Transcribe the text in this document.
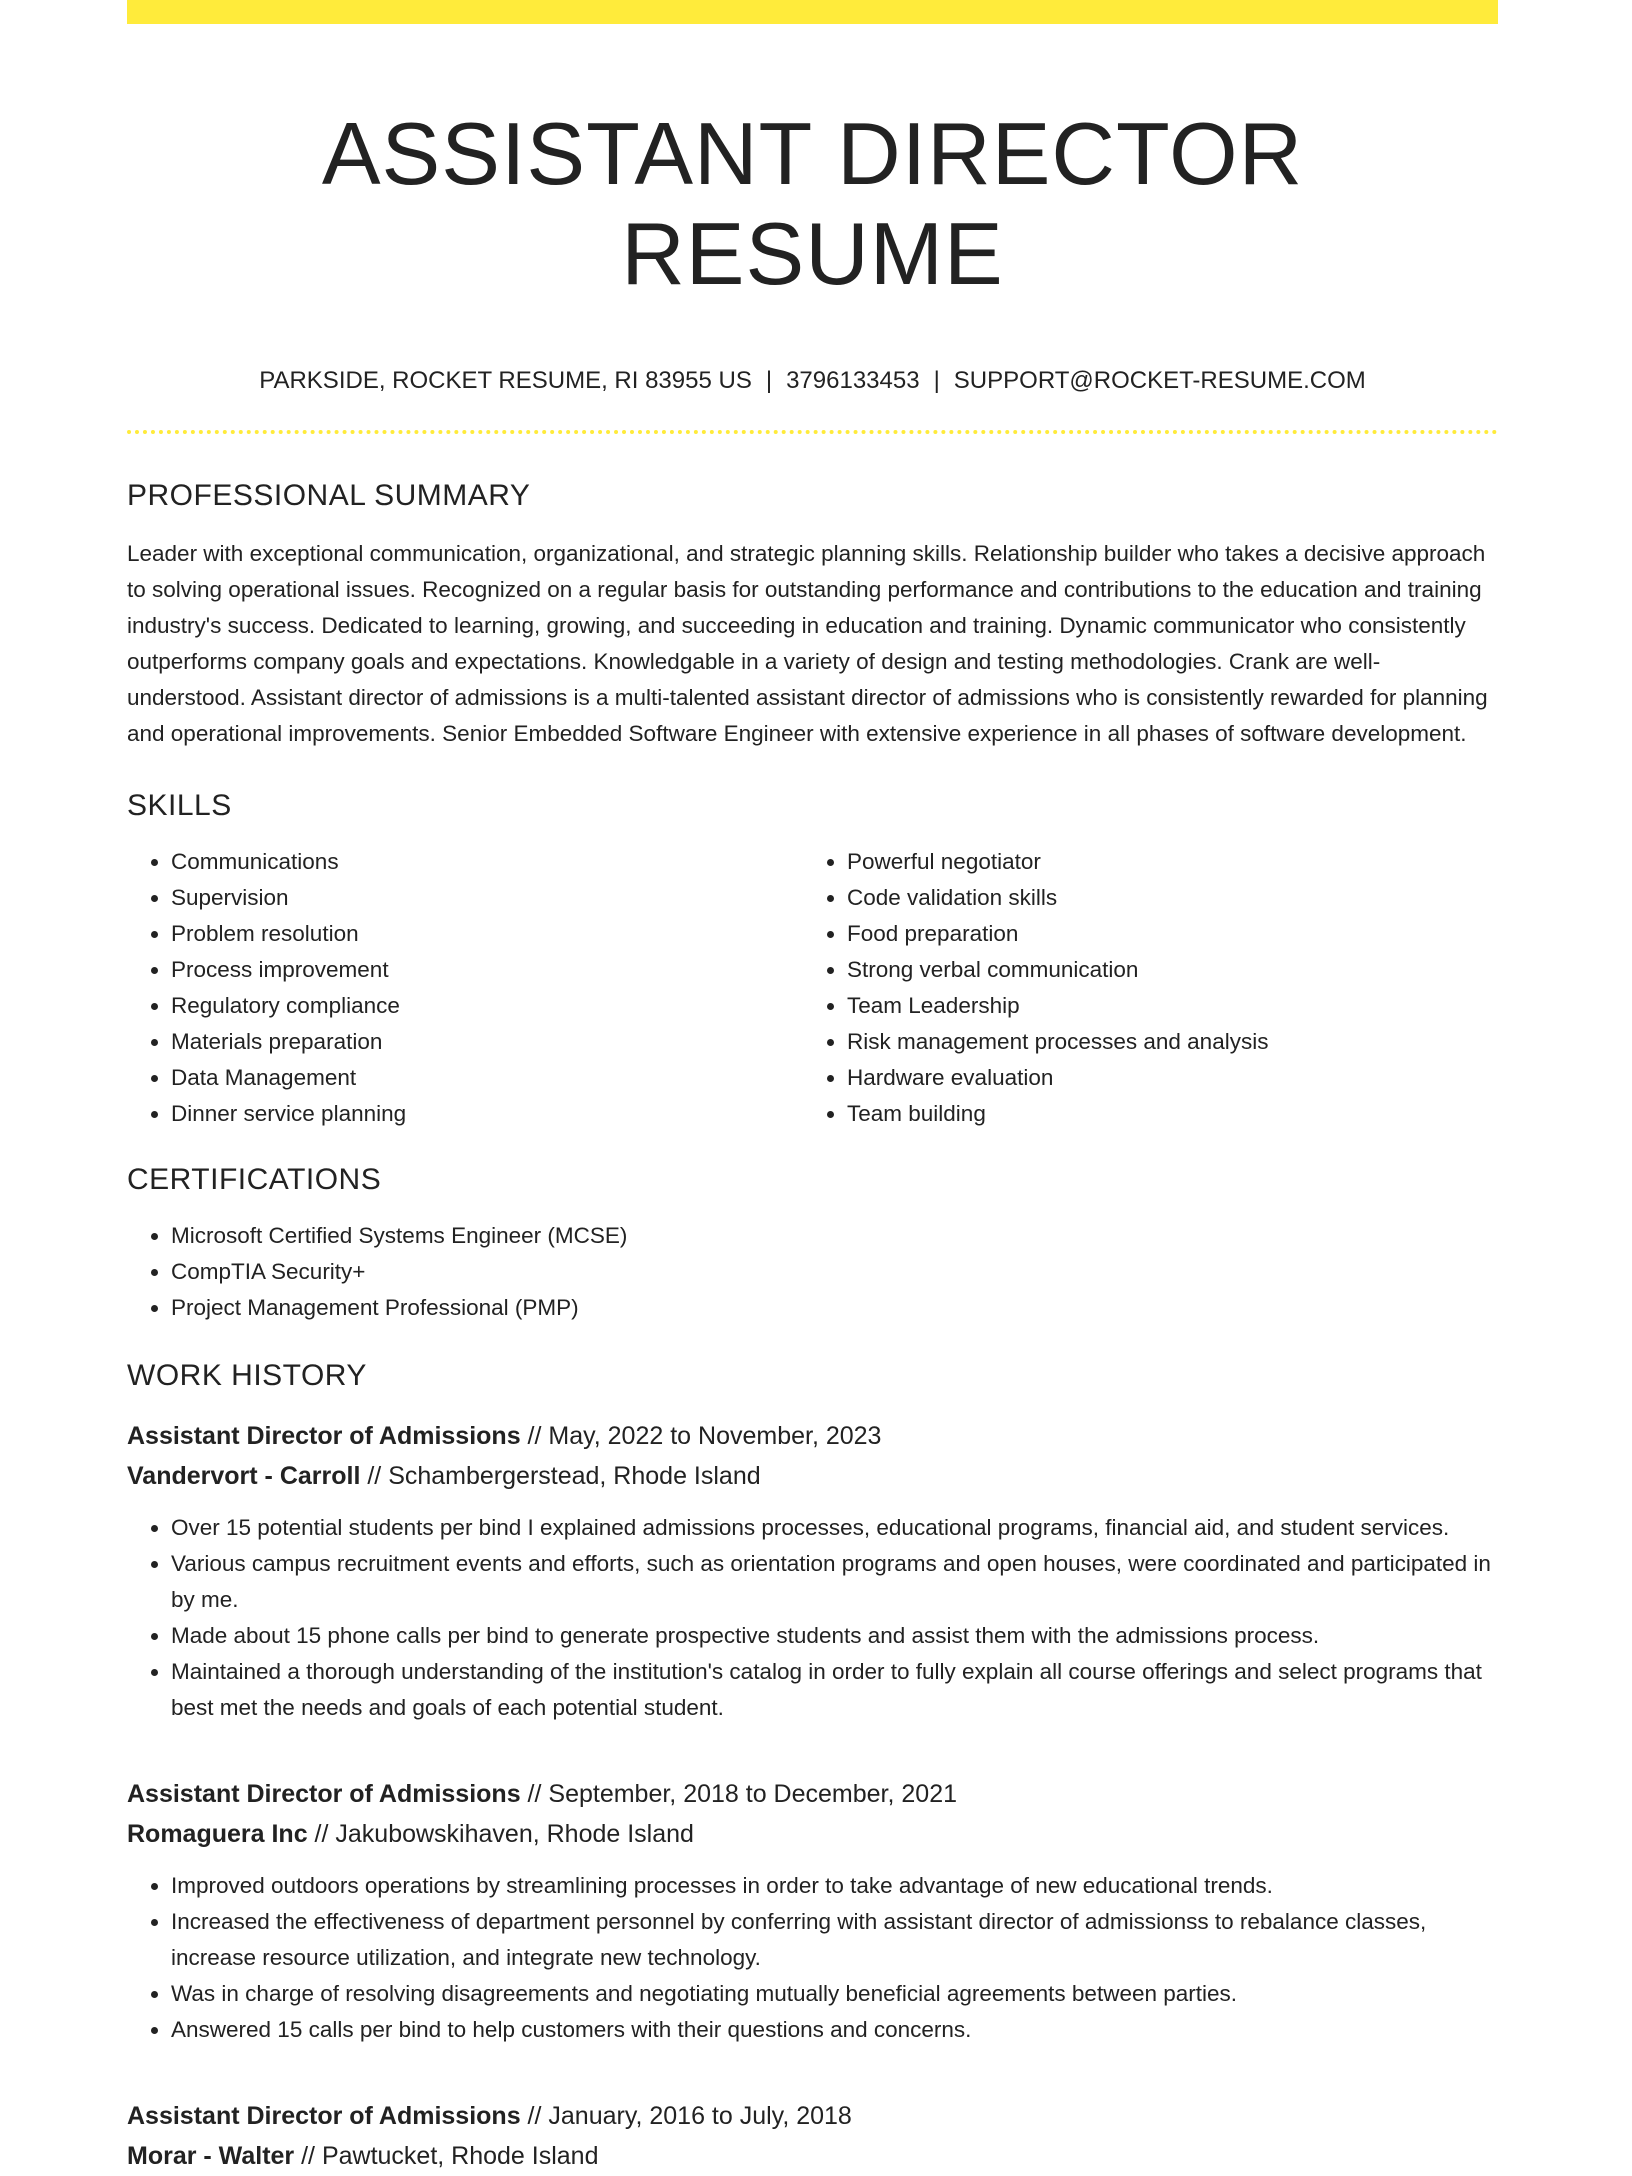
ASSISTANT DIRECTOR RESUME
PARKSIDE, ROCKET RESUME, RI 83955 US | 3796133453 | SUPPORT@ROCKET-RESUME.COM
PROFESSIONAL SUMMARY
Leader with exceptional communication, organizational, and strategic planning skills. Relationship builder who takes a decisive approach to solving operational issues. Recognized on a regular basis for outstanding performance and contributions to the education and training industry's success. Dedicated to learning, growing, and succeeding in education and training. Dynamic communicator who consistently outperforms company goals and expectations. Knowledgable in a variety of design and testing methodologies. Crank are well-understood. Assistant director of admissions is a multi-talented assistant director of admissions who is consistently rewarded for planning and operational improvements. Senior Embedded Software Engineer with extensive experience in all phases of software development.
SKILLS
• Communications
• Supervision
• Problem resolution
• Process improvement
• Regulatory compliance
• Materials preparation
• Data Management
• Dinner service planning
• Powerful negotiator
• Code validation skills
• Food preparation
• Strong verbal communication
• Team Leadership
• Risk management processes and analysis
• Hardware evaluation
• Team building
CERTIFICATIONS
• Microsoft Certified Systems Engineer (MCSE)
• CompTIA Security+
• Project Management Professional (PMP)
WORK HISTORY
Assistant Director of Admissions // May, 2022 to November, 2023
Vandervort - Carroll // Schambergerstead, Rhode Island
• Over 15 potential students per bind I explained admissions processes, educational programs, financial aid, and student services.
• Various campus recruitment events and efforts, such as orientation programs and open houses, were coordinated and participated in by me.
• Made about 15 phone calls per bind to generate prospective students and assist them with the admissions process.
• Maintained a thorough understanding of the institution's catalog in order to fully explain all course offerings and select programs that best met the needs and goals of each potential student.
Assistant Director of Admissions // September, 2018 to December, 2021
Romaguera Inc // Jakubowskihaven, Rhode Island
• Improved outdoors operations by streamlining processes in order to take advantage of new educational trends.
• Increased the effectiveness of department personnel by conferring with assistant director of admissionss to rebalance classes, increase resource utilization, and integrate new technology.
• Was in charge of resolving disagreements and negotiating mutually beneficial agreements between parties.
• Answered 15 calls per bind to help customers with their questions and concerns.
Assistant Director of Admissions // January, 2016 to July, 2018
Morar - Walter // Pawtucket, Rhode Island
